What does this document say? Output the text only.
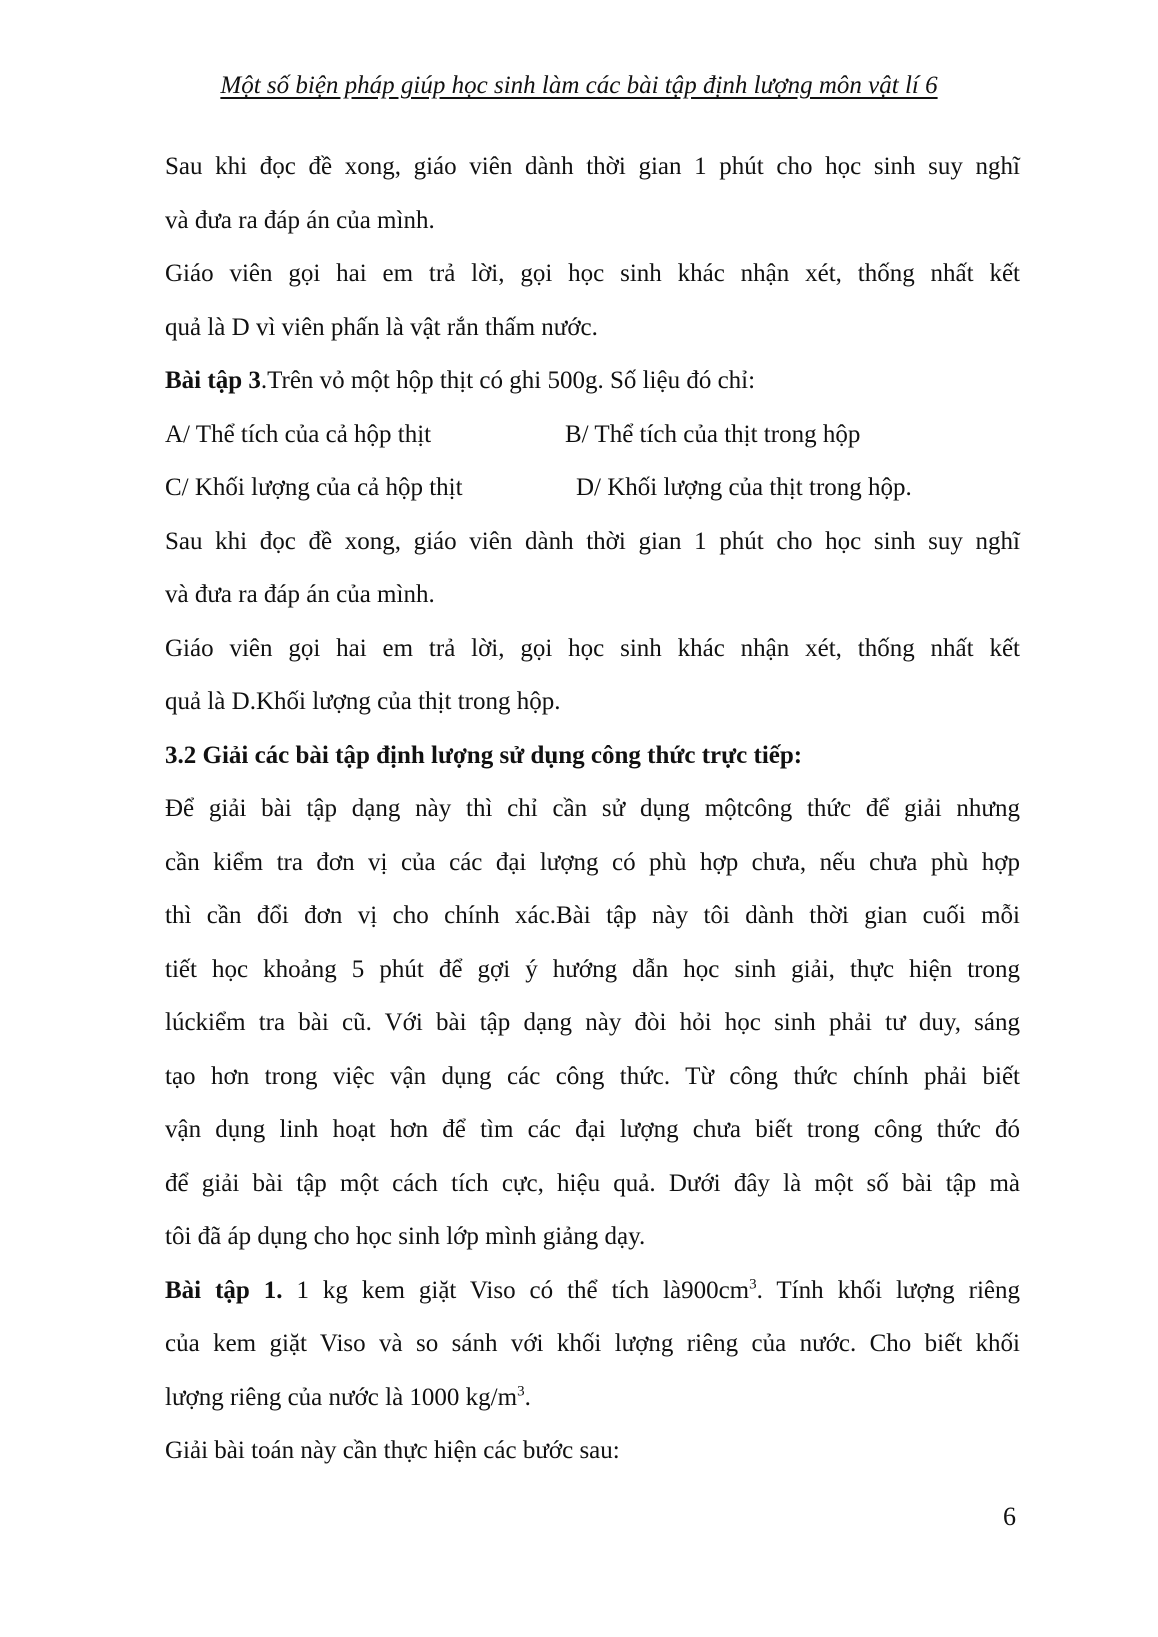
Một số biện pháp giúp học sinh làm các bài tập định lượng môn vật lí 6

Sau khi đọc đề xong, giáo viên dành thời gian 1 phút cho học sinh suy nghĩ

và đưa ra đáp án của mình.

Giáo viên gọi hai em trả lời, gọi học sinh khác nhận xét, thống nhất kết

quả là D vì viên phấn là vật rắn thấm nước.

Bài tập 3.Trên vỏ một hộp thịt có ghi 500g. Số liệu đó chỉ:

A/ Thể tích của cả hộp thịt	B/ Thể tích của thịt trong hộp
C/ Khối lượng của cả hộp thịt	D/ Khối lượng của thịt trong hộp.

Sau khi đọc đề xong, giáo viên dành thời gian 1 phút cho học sinh suy nghĩ

và đưa ra đáp án của mình.

Giáo viên gọi hai em trả lời, gọi học sinh khác nhận xét, thống nhất kết

quả là D.Khối lượng của thịt trong hộp.

3.2 Giải các bài tập định lượng sử dụng công thức trực tiếp:

Để giải bài tập dạng này thì chỉ cần sử dụng mộtcông thức để giải nhưng

cần kiểm tra đơn vị của các đại lượng có phù hợp chưa, nếu chưa phù hợp

thì cần đổi đơn vị cho chính xác.Bài tập này tôi dành thời gian cuối mỗi

tiết học khoảng 5 phút để gợi ý hướng dẫn học sinh giải, thực hiện trong

lúckiểm tra bài cũ. Với bài tập dạng này đòi hỏi học sinh phải tư duy, sáng

tạo hơn trong việc vận dụng các công thức. Từ công thức chính phải biết

vận dụng linh hoạt hơn để tìm các đại lượng chưa biết trong công thức đó

để giải bài tập một cách tích cực, hiệu quả. Dưới đây là một số bài tập mà

tôi đã áp dụng cho học sinh lớp mình giảng dạy.

Bài tập 1. 1 kg kem giặt Viso có thể tích $là900cm^3$. Tính khối lượng riêng

của kem giặt Viso và so sánh với khối lượng riêng của nước. Cho biết khối

lượng riêng của nước là 1000 $kg/m^3$.

Giải bài toán này cần thực hiện các bước sau:

6
